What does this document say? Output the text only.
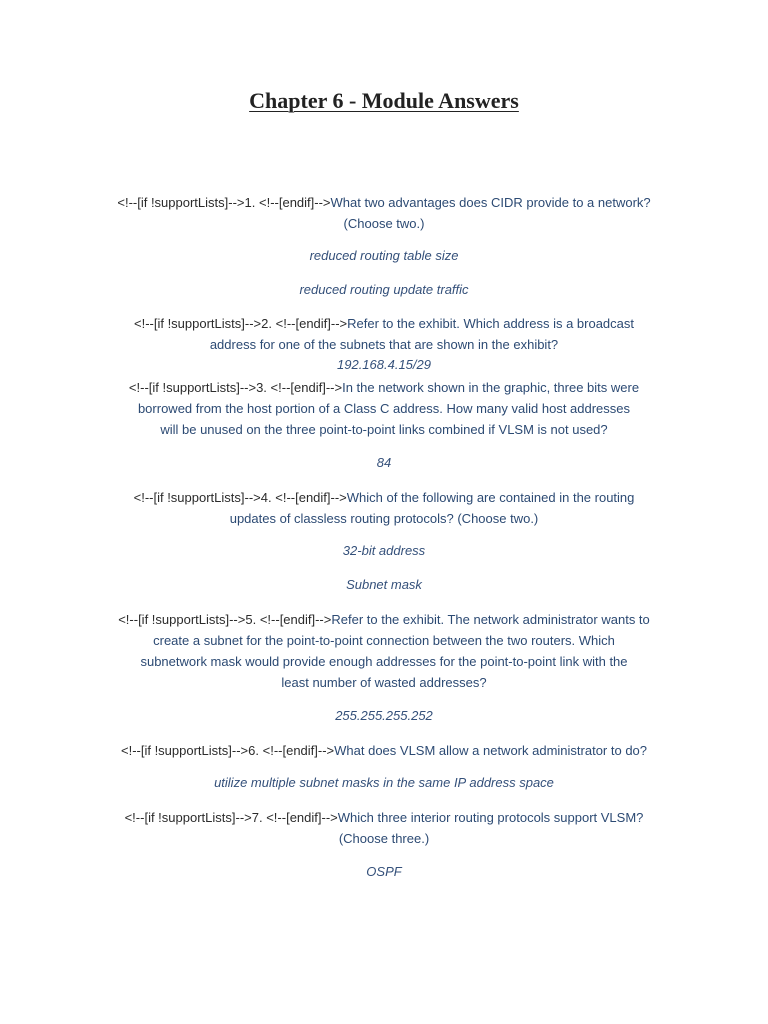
Chapter 6 - Module Answers
<!--[if !supportLists]-->1. <!--[endif]-->What two advantages does CIDR provide to a network?
(Choose two.)
reduced routing table size
reduced routing update traffic
<!--[if !supportLists]-->2. <!--[endif]-->Refer to the exhibit. Which address is a broadcast
address for one of the subnets that are shown in the exhibit?
192.168.4.15/29
<!--[if !supportLists]-->3. <!--[endif]-->In the network shown in the graphic, three bits were
borrowed from the host portion of a Class C address. How many valid host addresses
will be unused on the three point-to-point links combined if VLSM is not used?
84
<!--[if !supportLists]-->4. <!--[endif]-->Which of the following are contained in the routing
updates of classless routing protocols? (Choose two.)
32-bit address
Subnet mask
<!--[if !supportLists]-->5. <!--[endif]-->Refer to the exhibit. The network administrator wants to
create a subnet for the point-to-point connection between the two routers. Which
subnetwork mask would provide enough addresses for the point-to-point link with the
least number of wasted addresses?
255.255.255.252
<!--[if !supportLists]-->6. <!--[endif]-->What does VLSM allow a network administrator to do?
utilize multiple subnet masks in the same IP address space
<!--[if !supportLists]-->7. <!--[endif]-->Which three interior routing protocols support VLSM?
(Choose three.)
OSPF
